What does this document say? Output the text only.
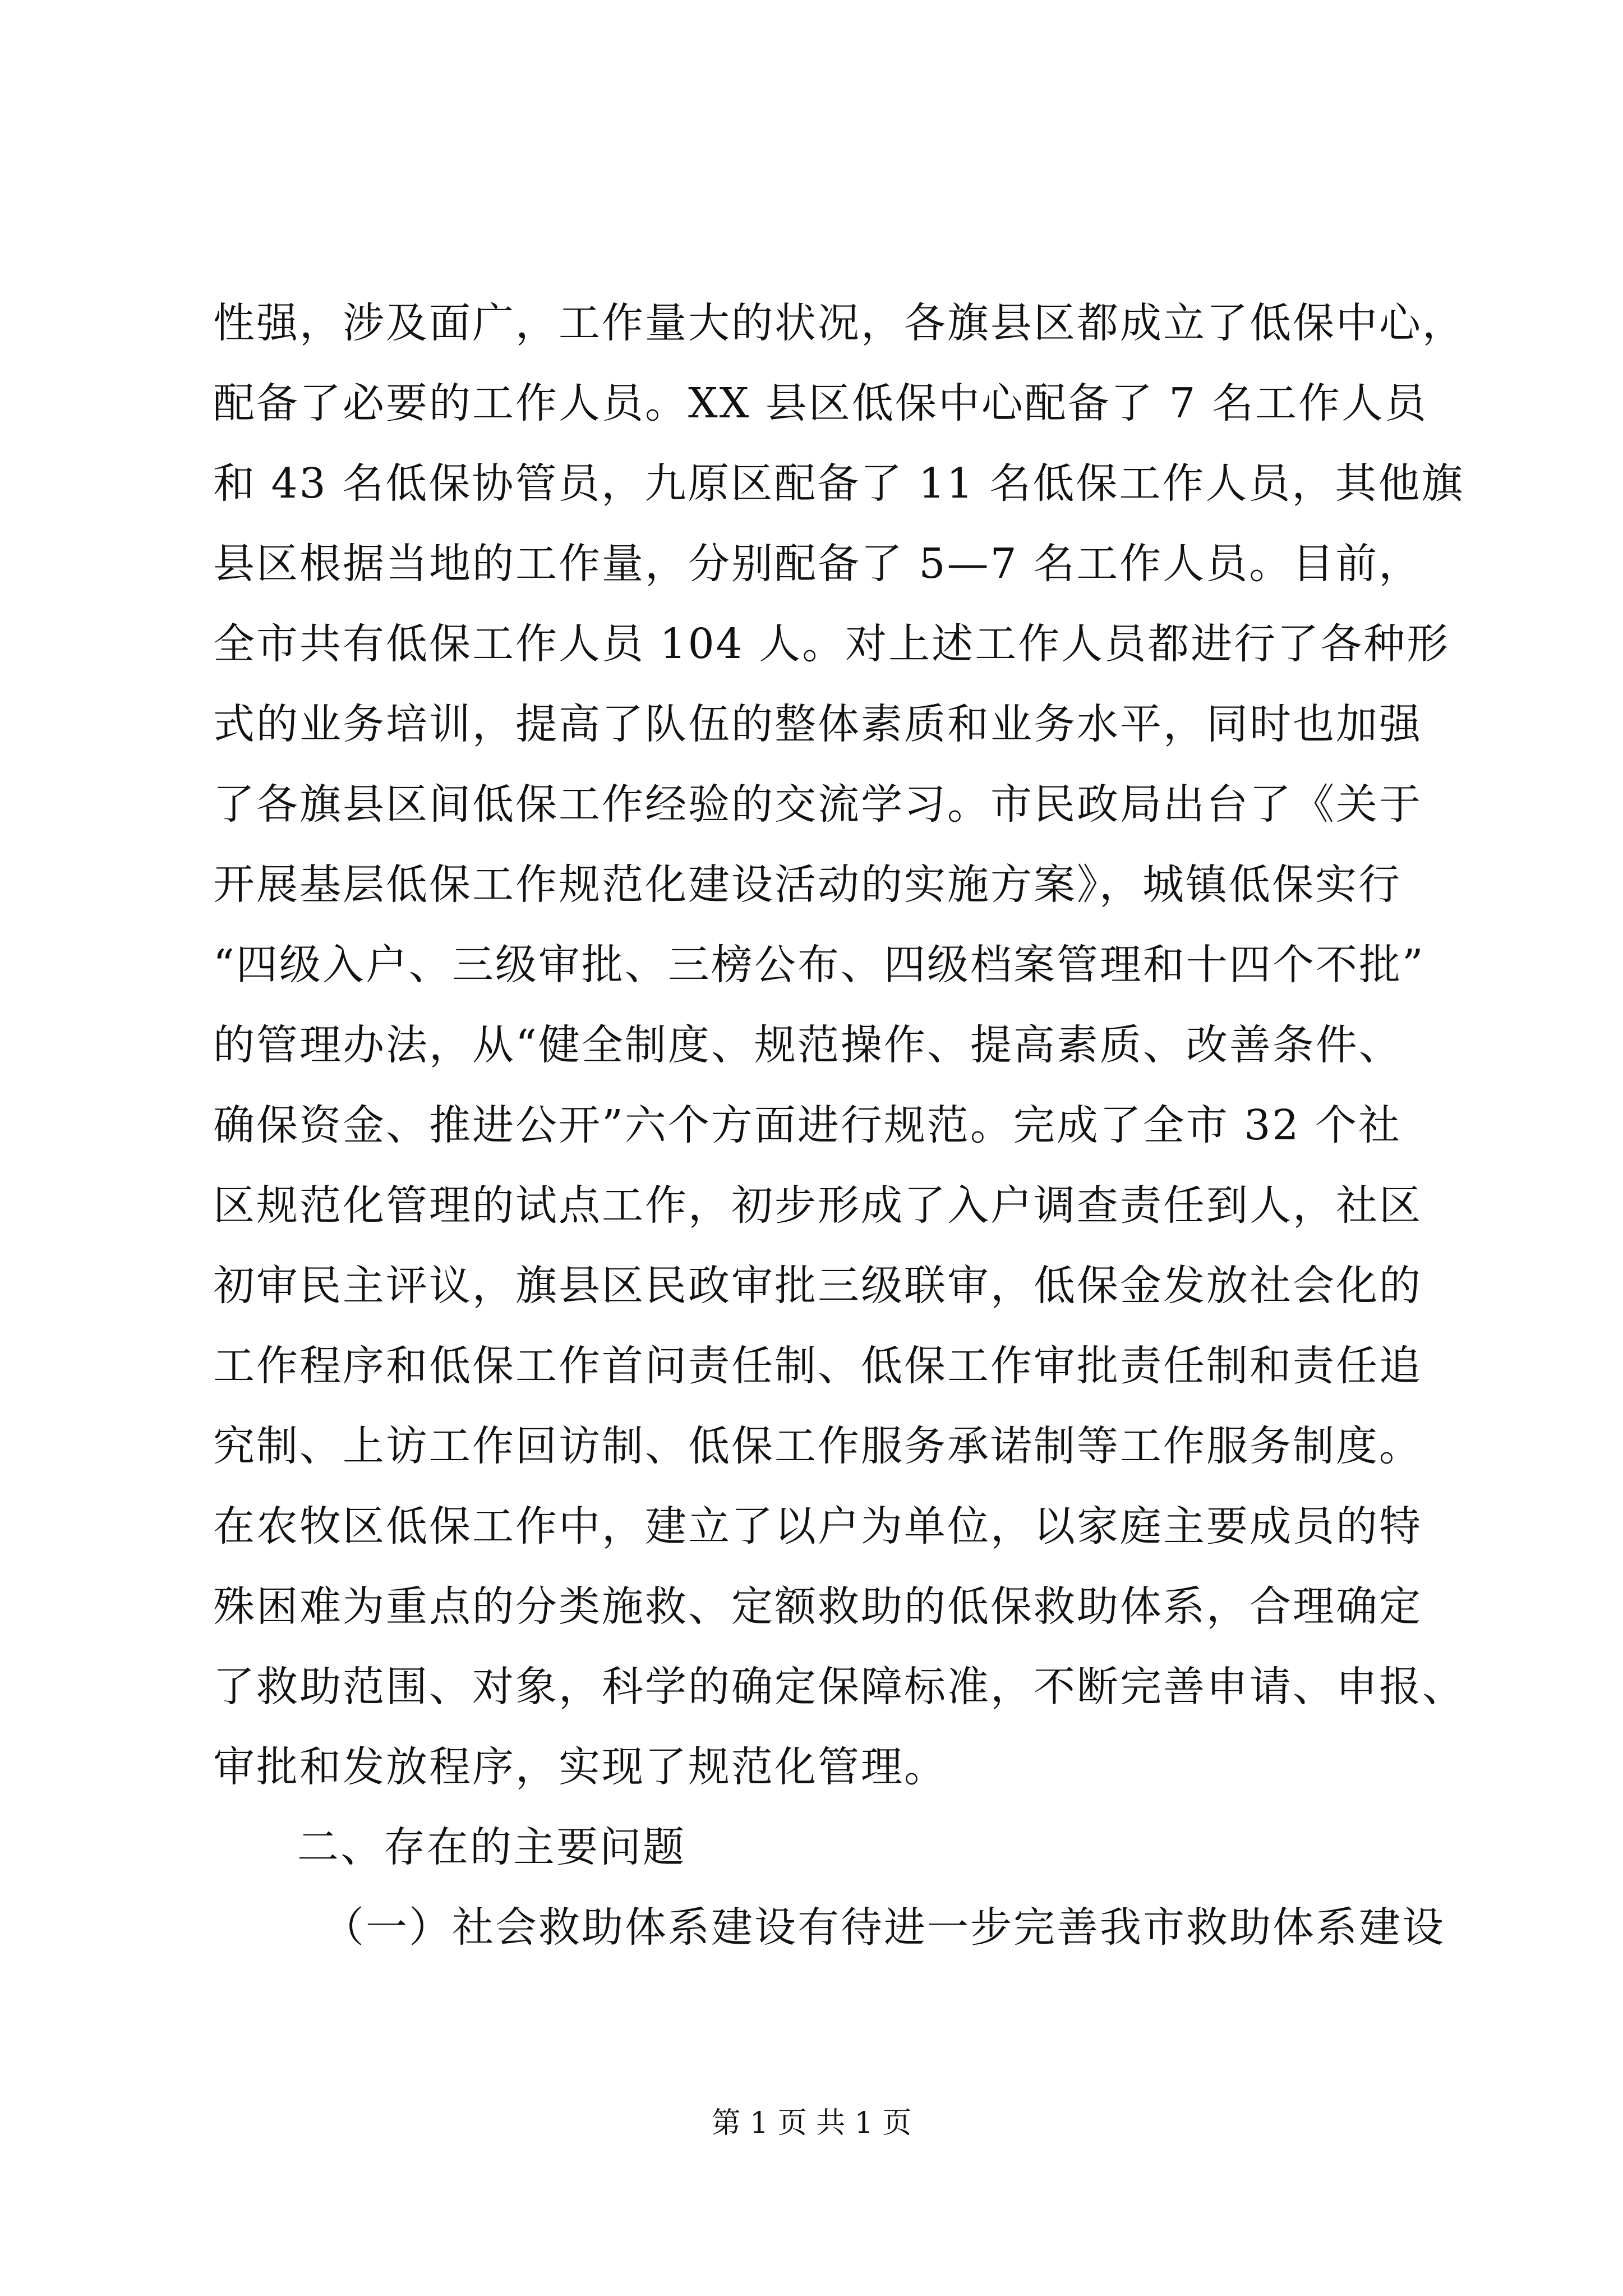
性强，涉及面广，工作量大的状况，各旗县区都成立了低保中心，
配备了必要的工作人员。XX 县区低保中心配备了 7 名工作人员
和 43 名低保协管员，九原区配备了 11 名低保工作人员，其他旗
县区根据当地的工作量，分别配备了 5—7 名工作人员。目前，
全市共有低保工作人员 104 人。对上述工作人员都进行了各种形
式的业务培训，提高了队伍的整体素质和业务水平，同时也加强
了各旗县区间低保工作经验的交流学习。市民政局出台了《关于
开展基层低保工作规范化建设活动的实施方案》，城镇低保实行
“四级入户、三级审批、三榜公布、四级档案管理和十四个不批”
的管理办法，从“健全制度、规范操作、提高素质、改善条件、
确保资金、推进公开”六个方面进行规范。完成了全市 32 个社
区规范化管理的试点工作，初步形成了入户调查责任到人，社区
初审民主评议，旗县区民政审批三级联审，低保金发放社会化的
工作程序和低保工作首问责任制、低保工作审批责任制和责任追
究制、上访工作回访制、低保工作服务承诺制等工作服务制度。
在农牧区低保工作中，建立了以户为单位，以家庭主要成员的特
殊困难为重点的分类施救、定额救助的低保救助体系，合理确定
了救助范围、对象，科学的确定保障标准，不断完善申请、申报、
审批和发放程序，实现了规范化管理。
二、存在的主要问题
（一）社会救助体系建设有待进一步完善我市救助体系建设
第 1 页 共 1 页
